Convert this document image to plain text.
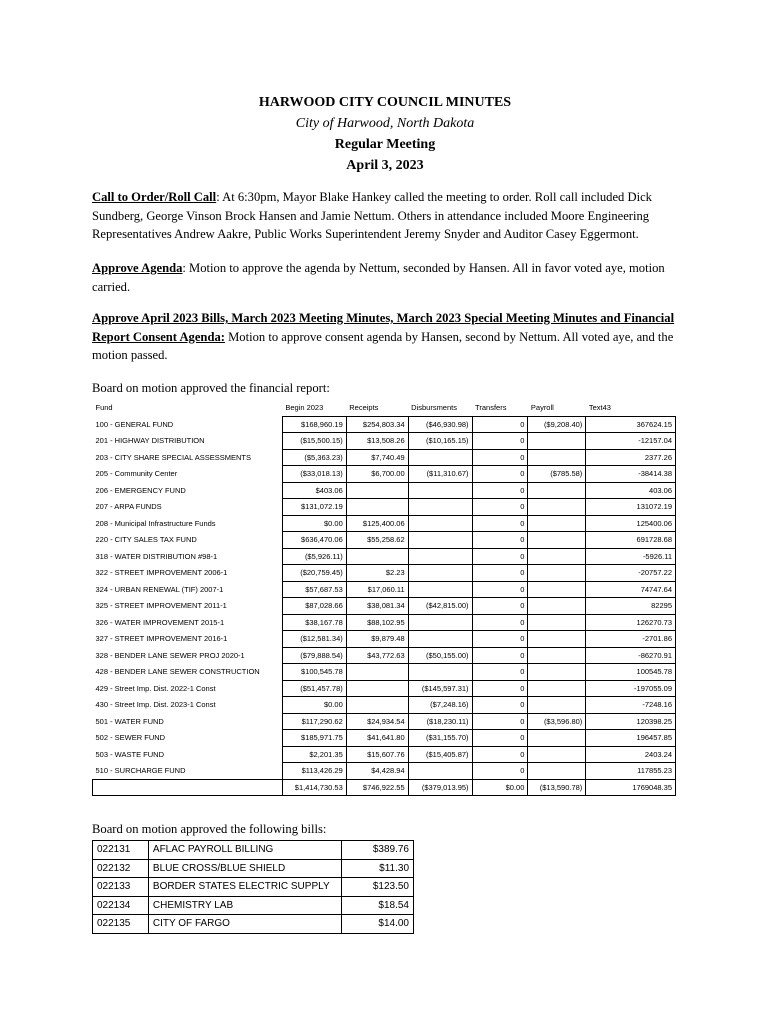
HARWOOD CITY COUNCIL MINUTES
City of Harwood, North Dakota
Regular Meeting
April 3, 2023

Call to Order/Roll Call: At 6:30pm, Mayor Blake Hankey called the meeting to order. Roll call included Dick Sundberg, George Vinson Brock Hansen and Jamie Nettum. Others in attendance included Moore Engineering Representatives Andrew Aakre, Public Works Superintendent Jeremy Snyder and Auditor Casey Eggermont.

Approve Agenda: Motion to approve the agenda by Nettum, seconded by Hansen. All in favor voted aye, motion carried.

Approve April 2023 Bills, March 2023 Meeting Minutes, March 2023 Special Meeting Minutes and Financial Report Consent Agenda: Motion to approve consent agenda by Hansen, second by Nettum. All voted aye, and the motion passed.

Board on motion approved the financial report:

Fund	Begin 2023	Receipts	Disbursments	Transfers	Payroll	Text43
100 - GENERAL FUND	$168,960.19	$254,803.34	($46,930.98)	0	($9,208.40)	367624.15
201 - HIGHWAY DISTRIBUTION	($15,500.15)	$13,508.26	($10,165.15)	0		-12157.04
203 - CITY SHARE SPECIAL ASSESSMENTS	($5,363.23)	$7,740.49		0		2377.26
205 - Community Center	($33,018.13)	$6,700.00	($11,310.67)	0	($785.58)	-38414.38
206 - EMERGENCY FUND	$403.06			0		403.06
207 - ARPA FUNDS	$131,072.19			0		131072.19
208 - Municipal Infrastructure Funds	$0.00	$125,400.06		0		125400.06
220 - CITY SALES TAX FUND	$636,470.06	$55,258.62		0		691728.68
318 - WATER DISTRIBUTION #98-1	($5,926.11)			0		-5926.11
322 - STREET IMPROVEMENT 2006-1	($20,759.45)	$2.23		0		-20757.22
324 - URBAN RENEWAL (TIF) 2007-1	$57,687.53	$17,060.11		0		74747.64
325 - STREET IMPROVEMENT 2011-1	$87,028.66	$38,081.34	($42,815.00)	0		82295
326 - WATER IMPROVEMENT 2015-1	$38,167.78	$88,102.95		0		126270.73
327 - STREET IMPROVEMENT 2016-1	($12,581.34)	$9,879.48		0		-2701.86
328 - BENDER LANE SEWER PROJ 2020-1	($79,888.54)	$43,772.63	($50,155.00)	0		-86270.91
428 - BENDER LANE SEWER CONSTRUCTION	$100,545.78			0		100545.78
429 - Street Imp. Dist. 2022-1 Const	($51,457.78)		($145,597.31)	0		-197055.09
430 - Street Imp. Dist. 2023-1 Const	$0.00		($7,248.16)	0		-7248.16
501 - WATER FUND	$117,290.62	$24,934.54	($18,230.11)	0	($3,596.80)	120398.25
502 - SEWER FUND	$185,971.75	$41,641.80	($31,155.70)	0		196457.85
503 - WASTE FUND	$2,201.35	$15,607.76	($15,405.87)	0		2403.24
510 - SURCHARGE FUND	$113,426.29	$4,428.94		0		117855.23
	$1,414,730.53	$746,922.55	($379,013.95)	$0.00	($13,590.78)	1769048.35

Board on motion approved the following bills:

022131	AFLAC PAYROLL BILLING	$389.76
022132	BLUE CROSS/BLUE SHIELD	$11.30
022133	BORDER STATES ELECTRIC SUPPLY	$123.50
022134	CHEMISTRY LAB	$18.54
022135	CITY OF FARGO	$14.00
